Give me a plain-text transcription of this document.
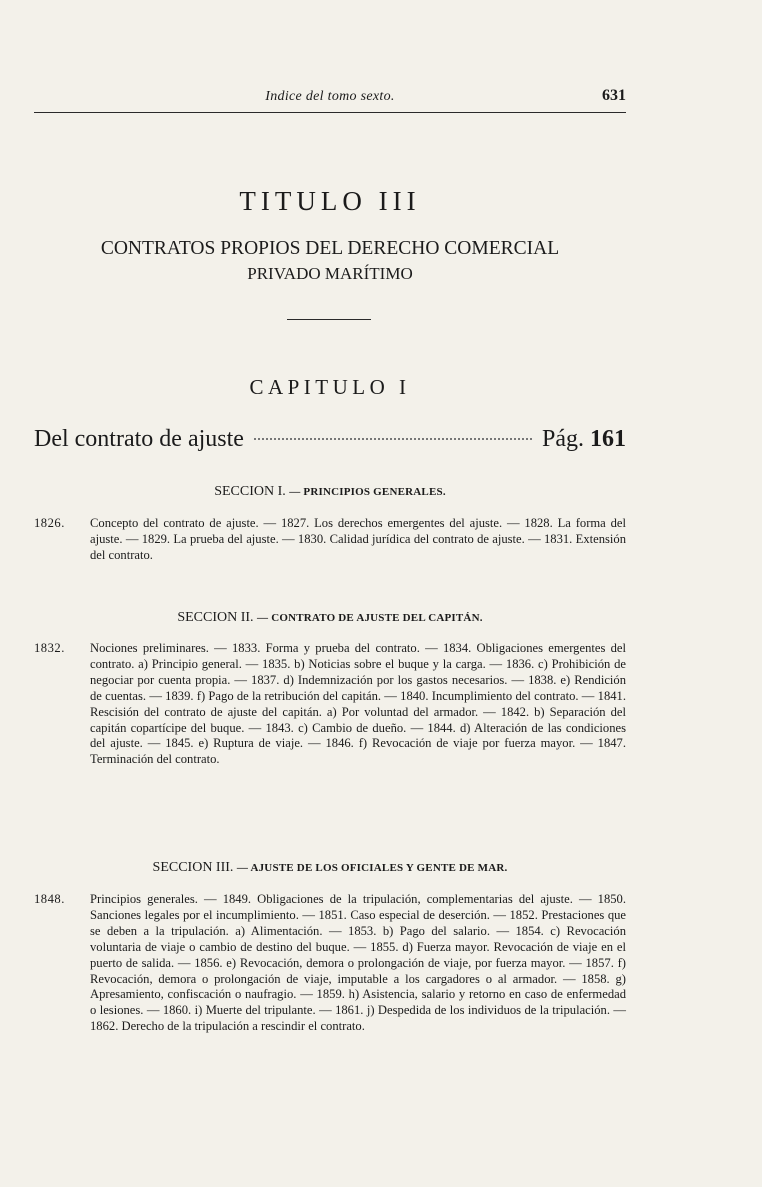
Indice del tomo sexto.	631
TITULO III
CONTRATOS PROPIOS DEL DERECHO COMERCIAL
PRIVADO MARÍTIMO
CAPITULO I
Del contrato de ajuste	Pág. 161
SECCION I. — PRINCIPIOS GENERALES.
1826. Concepto del contrato de ajuste. — 1827. Los derechos emergentes del ajuste. — 1828. La forma del ajuste. — 1829. La prueba del ajuste. — 1830. Calidad jurídica del contrato de ajuste. — 1831. Extensión del contrato.
SECCION II. — CONTRATO DE AJUSTE DEL CAPITÁN.
1832. Nociones preliminares. — 1833. Forma y prueba del contrato. — 1834. Obligaciones emergentes del contrato. a) Principio general. — 1835. b) Noticias sobre el buque y la carga. — 1836. c) Prohibición de negociar por cuenta propia. — 1837. d) Indemnización por los gastos necesarios. — 1838. e) Rendición de cuentas. — 1839. f) Pago de la retribución del capitán. — 1840. Incumplimiento del contrato. — 1841. Rescisión del contrato de ajuste del capitán. a) Por voluntad del armador. — 1842. b) Separación del capitán copartícipe del buque. — 1843. c) Cambio de dueño. — 1844. d) Alteración de las condiciones del ajuste. — 1845. e) Ruptura de viaje. — 1846. f) Revocación de viaje por fuerza mayor. — 1847. Terminación del contrato.
SECCION III. — AJUSTE DE LOS OFICIALES Y GENTE DE MAR.
1848. Principios generales. — 1849. Obligaciones de la tripulación, complementarias del ajuste. — 1850. Sanciones legales por el incumplimiento. — 1851. Caso especial de deserción. — 1852. Prestaciones que se deben a la tripulación. a) Alimentación. — 1853. b) Pago del salario. — 1854. c) Revocación voluntaria de viaje o cambio de destino del buque. — 1855. d) Fuerza mayor. Revocación de viaje en el puerto de salida. — 1856. e) Revocación, demora o prolongación de viaje, por fuerza mayor. — 1857. f) Revocación, demora o prolongación de viaje, imputable a los cargadores o al armador. — 1858. g) Apresamiento, confiscación o naufragio. — 1859. h) Asistencia, salario y retorno en caso de enfermedad o lesiones. — 1860. i) Muerte del tripulante. — 1861. j) Despedida de los individuos de la tripulación. — 1862. Derecho de la tripulación a rescindir el contrato.
